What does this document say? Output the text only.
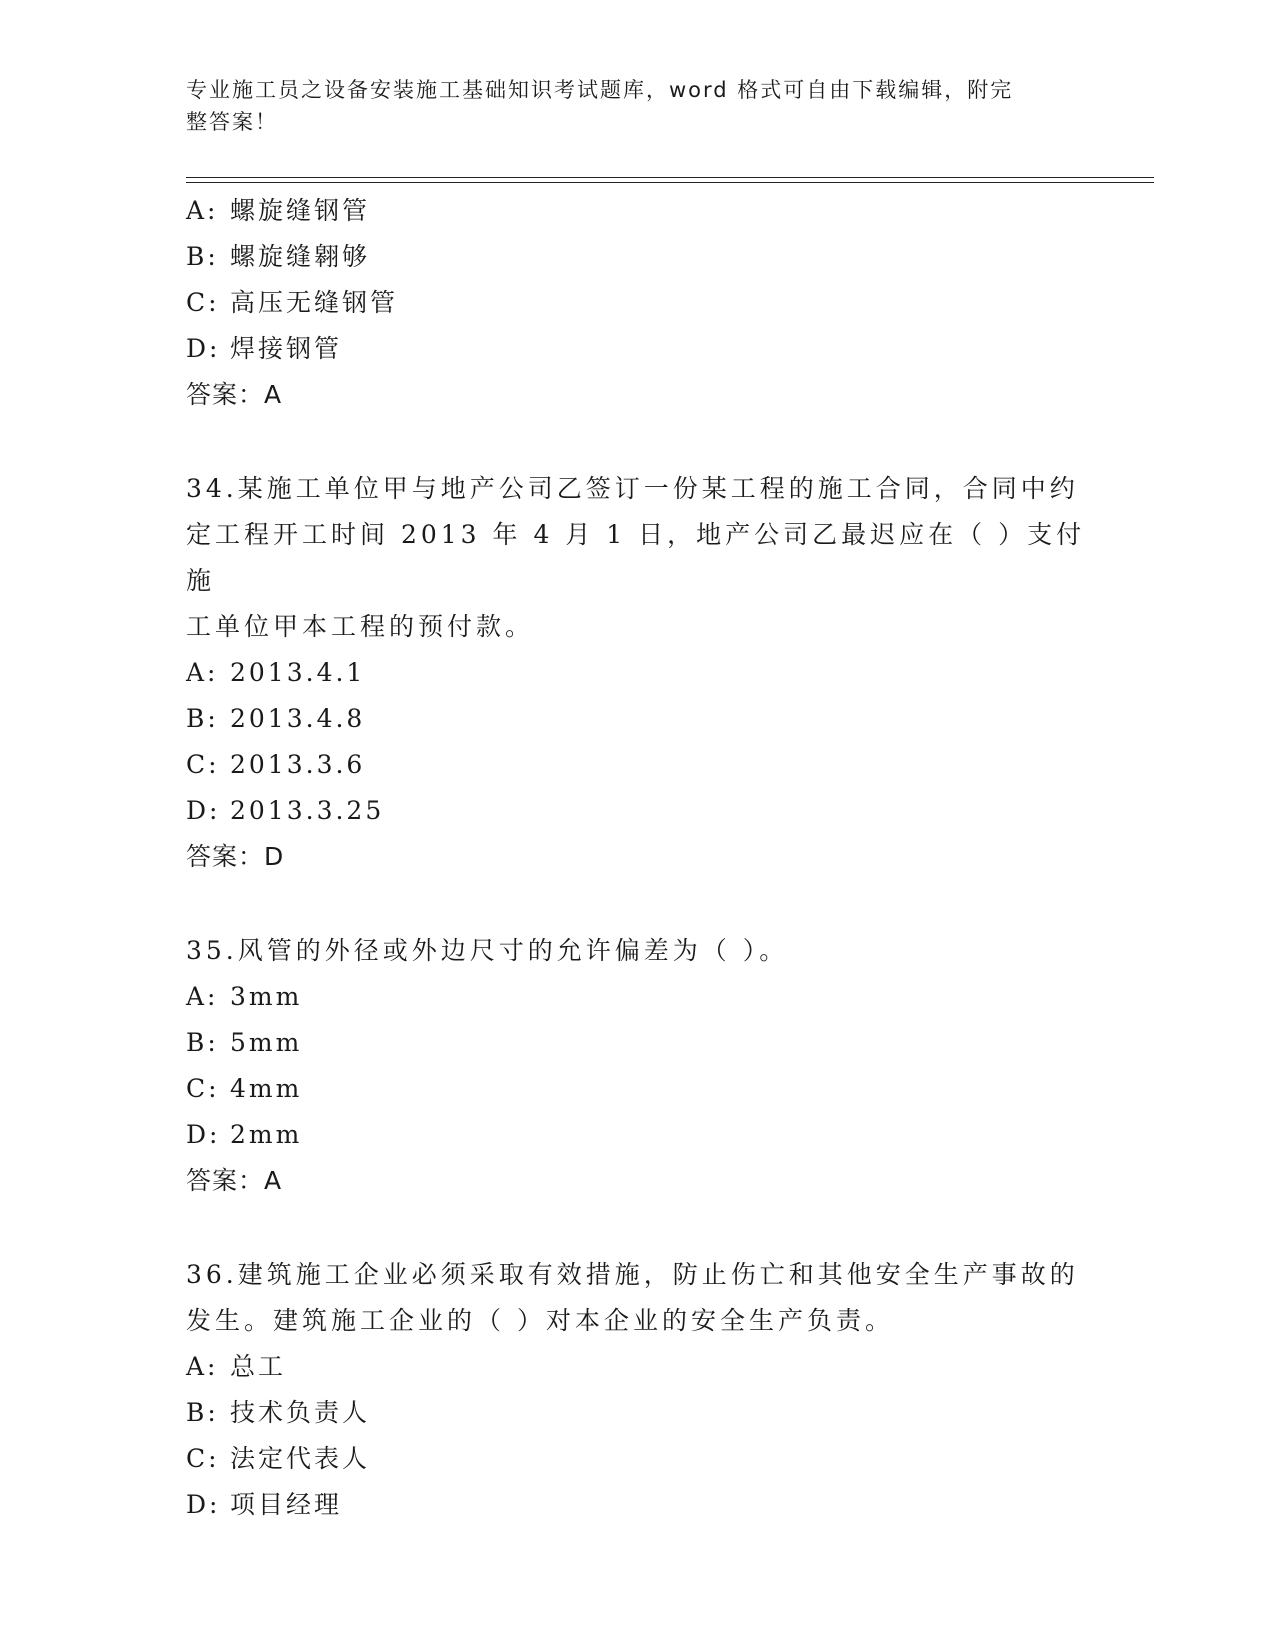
专业施工员之设备安装施工基础知识考试题库，word 格式可自由下载编辑，附完
整答案！
A: 螺旋缝钢管
B: 螺旋缝翱够
C: 高压无缝钢管
D: 焊接钢管
答案：A
34.某施工单位甲与地产公司乙签订一份某工程的施工合同，合同中约
定工程开工时间 2013 年 4 月 1 日，地产公司乙最迟应在（ ）支付施
工单位甲本工程的预付款。
A: 2013.4.1
B: 2013.4.8
C: 2013.3.6
D: 2013.3.25
答案：D
35.风管的外径或外边尺寸的允许偏差为（ ）。
A: 3mm
B: 5mm
C: 4mm
D: 2mm
答案：A
36.建筑施工企业必须采取有效措施，防止伤亡和其他安全生产事故的
发生。建筑施工企业的（ ）对本企业的安全生产负责。
A: 总工
B: 技术负责人
C: 法定代表人
D: 项目经理
